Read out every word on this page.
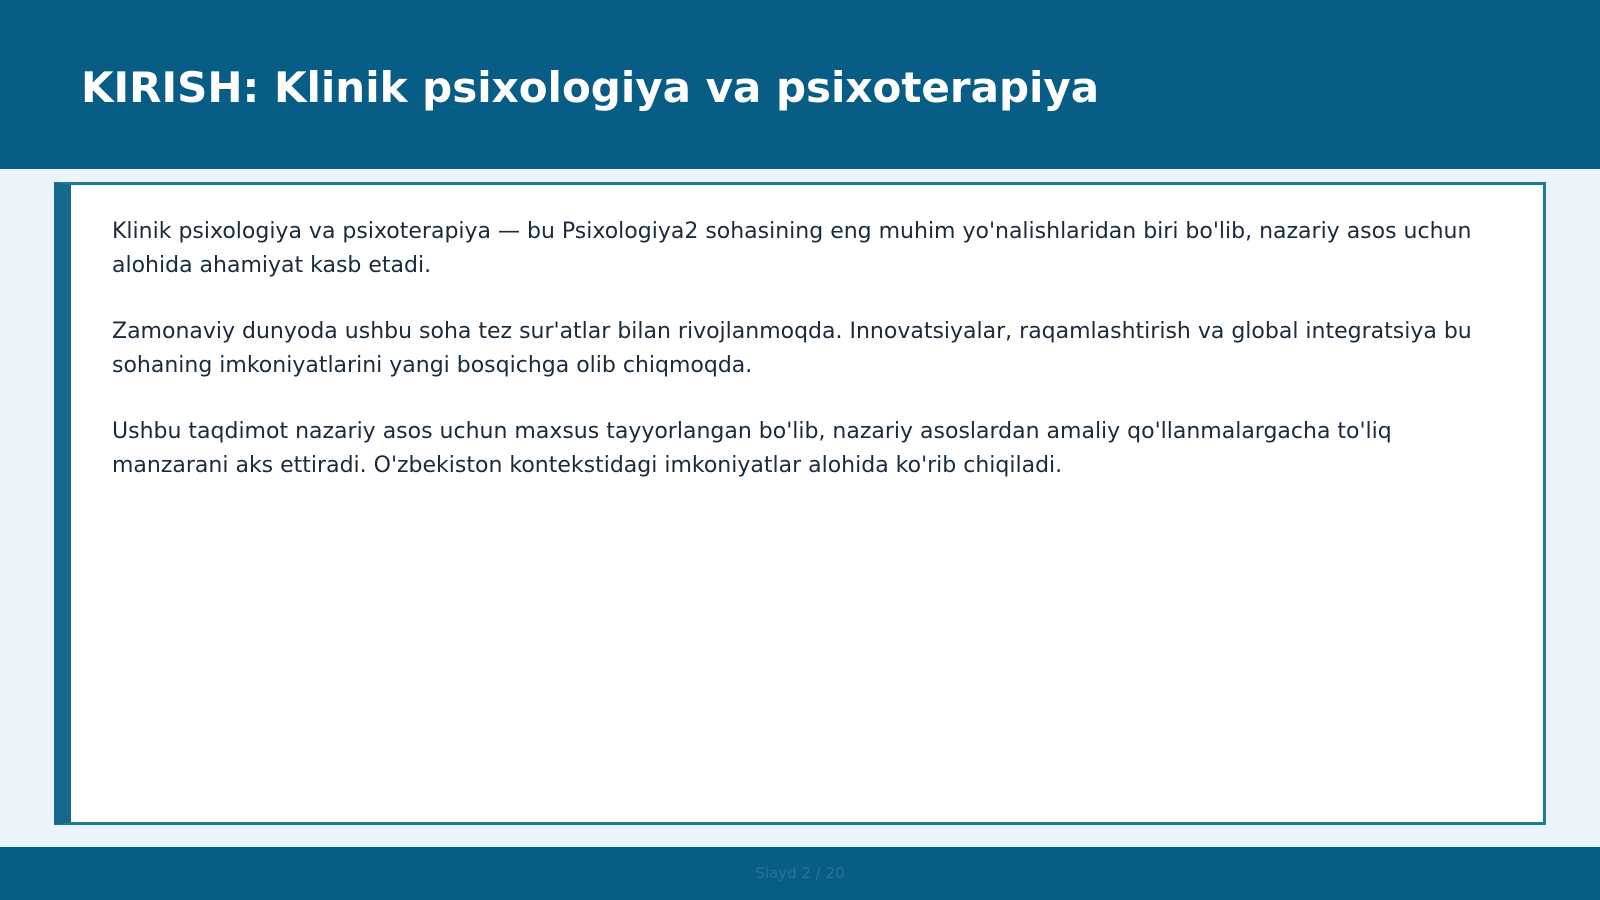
KIRISH: Klinik psixologiya va psixoterapiya

Klinik psixologiya va psixoterapiya — bu Psixologiya2 sohasining eng muhim yo'nalishlaridan biri bo'lib, nazariy asos uchun alohida ahamiyat kasb etadi.

Zamonaviy dunyoda ushbu soha tez sur'atlar bilan rivojlanmoqda. Innovatsiyalar, raqamlashtirish va global integratsiya bu sohaning imkoniyatlarini yangi bosqichga olib chiqmoqda.

Ushbu taqdimot nazariy asos uchun maxsus tayyorlangan bo'lib, nazariy asoslardan amaliy qo'llanmalargacha to'liq manzarani aks ettiradi. O'zbekiston kontekstidagi imkoniyatlar alohida ko'rib chiqiladi.

Slayd 2 / 20
